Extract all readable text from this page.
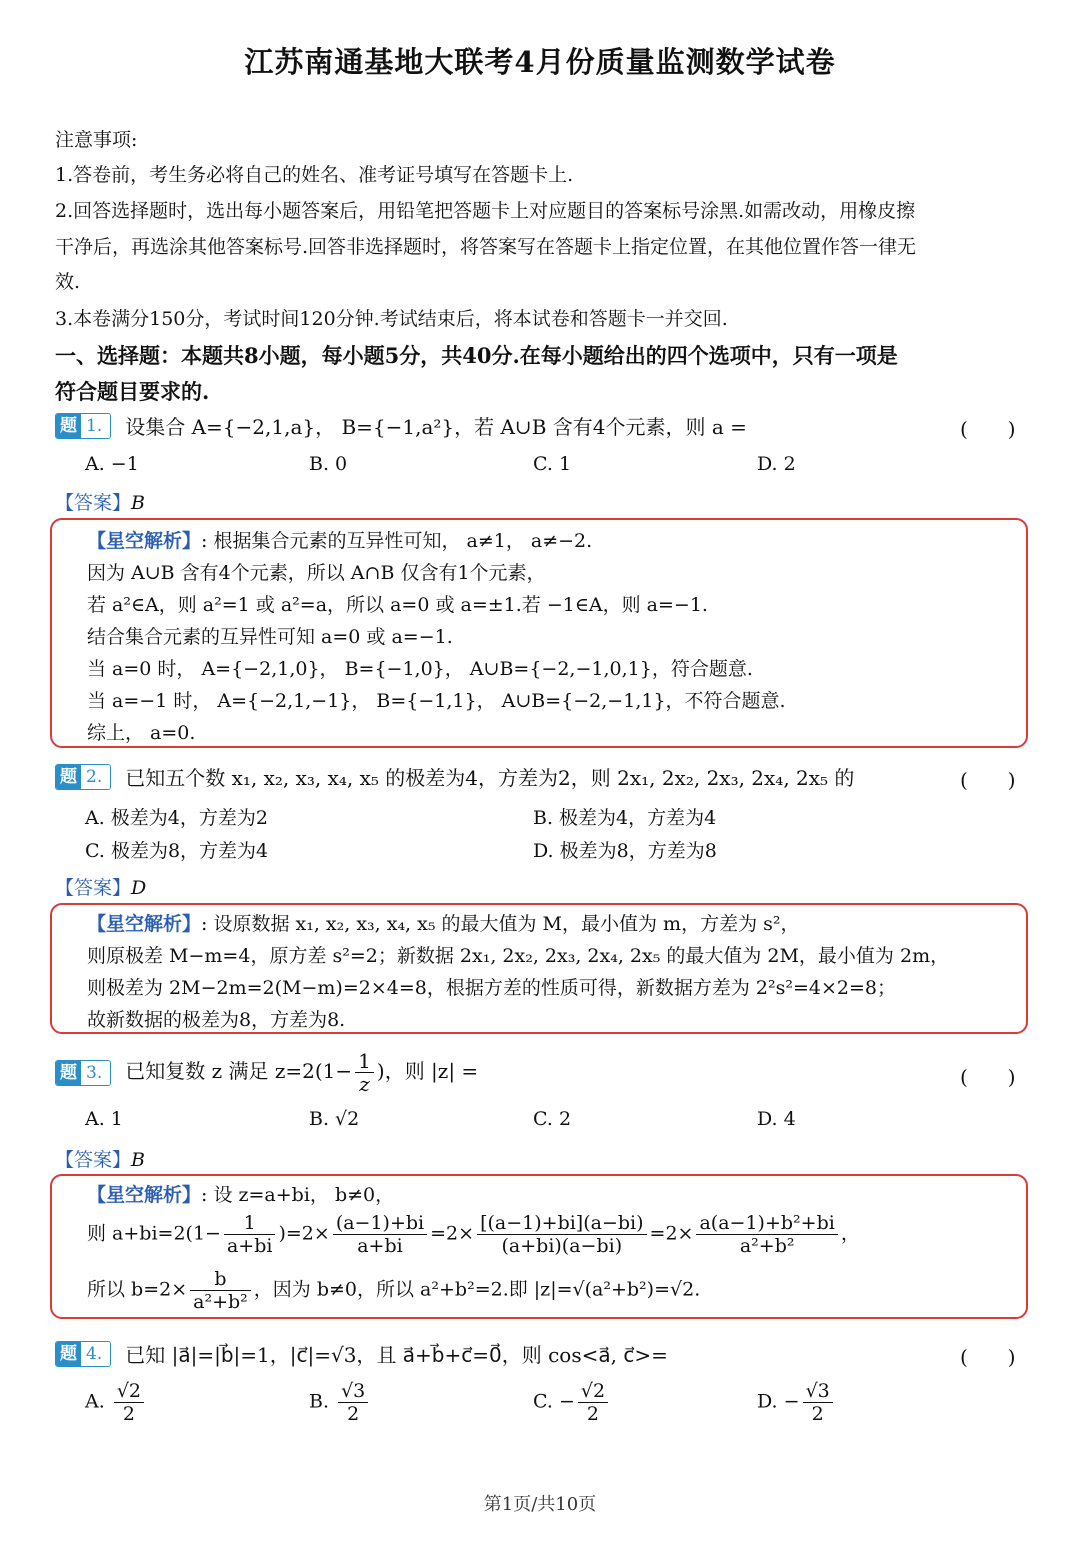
江苏南通基地大联考4月份质量监测数学试卷
注意事项:
1.答卷前，考生务必将自己的姓名、准考证号填写在答题卡上.
2.回答选择题时，选出每小题答案后，用铅笔把答题卡上对应题目的答案标号涂黑.如需改动，用橡皮擦
干净后，再选涂其他答案标号.回答非选择题时，将答案写在答题卡上指定位置，在其他位置作答一律无
效.
3.本卷满分150分，考试时间120分钟.考试结束后，将本试卷和答题卡一并交回.
一、选择题：本题共8小题，每小题5分，共40分.在每小题给出的四个选项中，只有一项是
符合题目要求的.
题 1. 设集合 A={−2,1,a}， B={−1,a²}，若 A∪B 含有4个元素，则 a =	(　　)
A. −1	B. 0	C. 1	D. 2
【答案】B
【星空解析】: 根据集合元素的互异性可知， a≠1， a≠−2.
因为 A∪B 含有4个元素，所以 A∩B 仅含有1个元素，
若 a²∈A，则 a²=1 或 a²=a，所以 a=0 或 a=±1.若 −1∈A，则 a=−1.
结合集合元素的互异性可知 a=0 或 a=−1.
当 a=0 时， A={−2,1,0}， B={−1,0}， A∪B={−2,−1,0,1}，符合题意.
当 a=−1 时， A={−2,1,−1}， B={−1,1}， A∪B={−2,−1,1}，不符合题意.
综上， a=0.
题 2. 已知五个数 x₁, x₂, x₃, x₄, x₅ 的极差为4，方差为2，则 2x₁, 2x₂, 2x₃, 2x₄, 2x₅ 的	(　　)
A. 极差为4，方差为2	B. 极差为4，方差为4
C. 极差为8，方差为4	D. 极差为8，方差为8
【答案】D
【星空解析】: 设原数据 x₁, x₂, x₃, x₄, x₅ 的最大值为 M，最小值为 m，方差为 s²，
则原极差 M−m=4，原方差 s²=2；新数据 2x₁, 2x₂, 2x₃, 2x₄, 2x₅ 的最大值为 2M，最小值为 2m，
则极差为 2M−2m=2(M−m)=2×4=8，根据方差的性质可得，新数据方差为 2²s²=4×2=8；
故新数据的极差为8，方差为8.
题 3. 已知复数 z 满足 $z=2(1- \frac{1}{z}$ )，则 |z| =	(　　)
A. 1	B. √2	C. 2	D. 4
【答案】B
【星空解析】: 设 z=a+bi， b≠0，
则 $a+bi=2(1- \frac{1}{a+bi} )=2\times \frac{(a-1)+bi}{a+bi} =2\times \frac{[(a-1)+bi](a-bi)}{(a+bi)(a-bi)} =2\times \frac{\text{a(a−1)+b²+bi}}{\text{a²+b²}}$ ，
所以 $b=2\times \frac{b}{\text{a²+b²}}$ ，因为 b≠0，所以 a²+b²=2.即 |z|=√(a²+b²)=√2.
题 4. 已知 |a⃗|=|b⃗|=1，|c⃗|=√3，且 a⃗+b⃗+c⃗=0⃗，则 cos<a⃗, c⃗>=	(　　)
A. $\frac{√2}{2}$	B. $\frac{√3}{2}$	C. − $\frac{√2}{2}$	D. − $\frac{√3}{2}$
第1页/共10页
